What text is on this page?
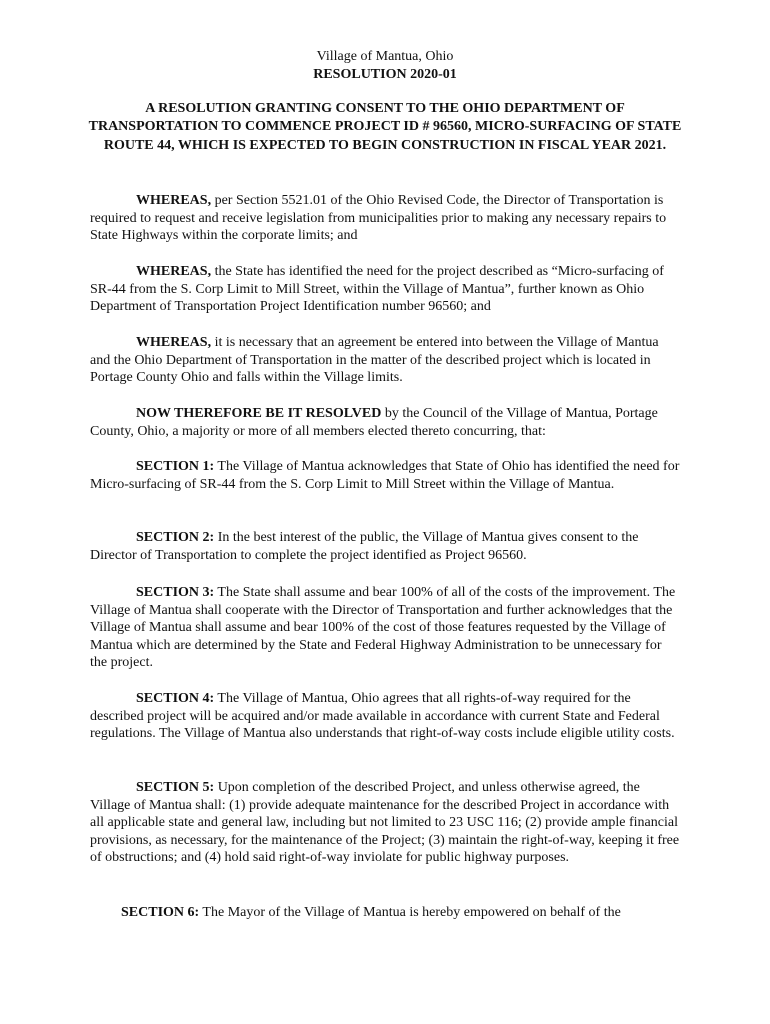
Village of Mantua, Ohio
RESOLUTION 2020-01
A RESOLUTION GRANTING CONSENT TO THE OHIO DEPARTMENT OF TRANSPORTATION TO COMMENCE PROJECT ID # 96560, MICRO-SURFACING OF STATE ROUTE 44, WHICH IS EXPECTED TO BEGIN CONSTRUCTION IN FISCAL YEAR 2021.

WHEREAS, per Section 5521.01 of the Ohio Revised Code, the Director of Transportation is required to request and receive legislation from municipalities prior to making any necessary repairs to State Highways within the corporate limits; and

WHEREAS, the State has identified the need for the project described as “Micro-surfacing of SR-44 from the S. Corp Limit to Mill Street, within the Village of Mantua”, further known as Ohio Department of Transportation Project Identification number 96560; and

WHEREAS, it is necessary that an agreement be entered into between the Village of Mantua and the Ohio Department of Transportation in the matter of the described project which is located in Portage County Ohio and falls within the Village limits.

NOW THEREFORE BE IT RESOLVED by the Council of the Village of Mantua, Portage County, Ohio, a majority or more of all members elected thereto concurring, that:

SECTION 1: The Village of Mantua acknowledges that State of Ohio has identified the need for Micro-surfacing of SR-44 from the S. Corp Limit to Mill Street within the Village of Mantua.

SECTION 2: In the best interest of the public, the Village of Mantua gives consent to the Director of Transportation to complete the project identified as Project 96560.

SECTION 3: The State shall assume and bear 100% of all of the costs of the improvement. The Village of Mantua shall cooperate with the Director of Transportation and further acknowledges that the Village of Mantua shall assume and bear 100% of the cost of those features requested by the Village of Mantua which are determined by the State and Federal Highway Administration to be unnecessary for the project.

SECTION 4: The Village of Mantua, Ohio agrees that all rights-of-way required for the described project will be acquired and/or made available in accordance with current State and Federal regulations. The Village of Mantua also understands that right-of-way costs include eligible utility costs.

SECTION 5: Upon completion of the described Project, and unless otherwise agreed, the Village of Mantua shall: (1) provide adequate maintenance for the described Project in accordance with all applicable state and general law, including but not limited to 23 USC 116; (2) provide ample financial provisions, as necessary, for the maintenance of the Project; (3) maintain the right-of-way, keeping it free of obstructions; and (4) hold said right-of-way inviolate for public highway purposes.

SECTION 6: The Mayor of the Village of Mantua is hereby empowered on behalf of the
